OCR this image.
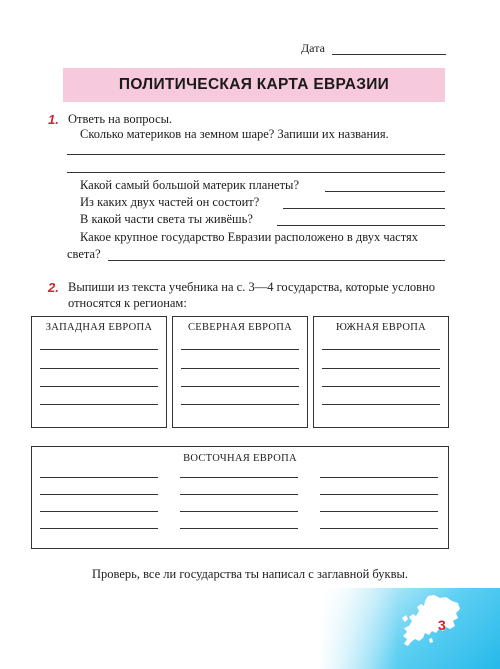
Дата
ПОЛИТИЧЕСКАЯ КАРТА ЕВРАЗИИ
1. Ответь на вопросы.
Сколько материков на земном шаре? Запиши их названия.
Какой самый большой материк планеты?
Из каких двух частей он состоит?
В какой части света ты живёшь?
Какое крупное государство Евразии расположено в двух частях
света?
2. Выпиши из текста учебника на с. 3—4 государства, которые условно
относятся к регионам:
ЗАПАДНАЯ ЕВРОПА	СЕВЕРНАЯ ЕВРОПА	ЮЖНАЯ ЕВРОПА
ВОСТОЧНАЯ ЕВРОПА
Проверь, все ли государства ты написал с заглавной буквы.
3
